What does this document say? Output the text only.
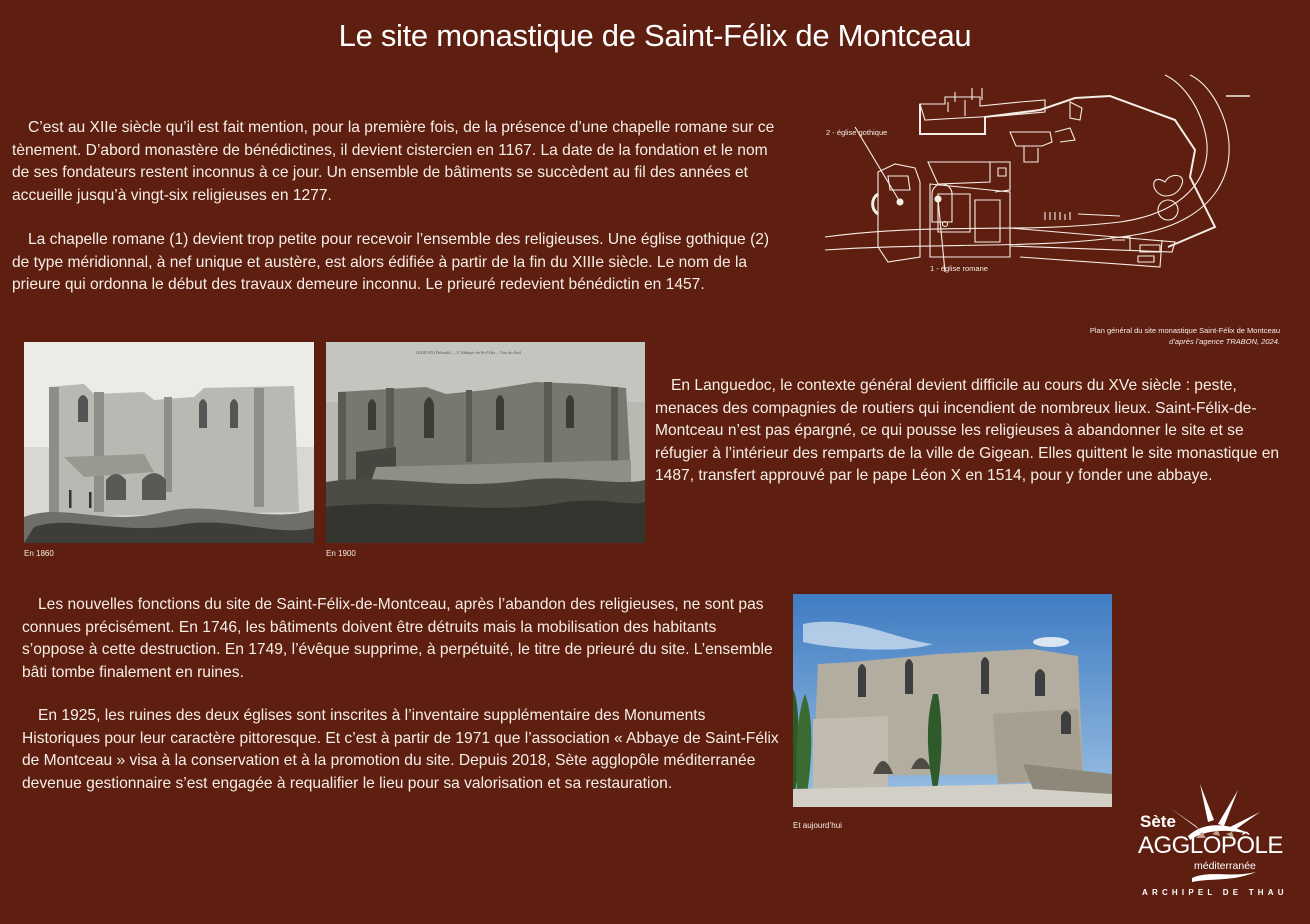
Le site monastique de Saint-Félix de Montceau

C’est au XIIe siècle qu’il est fait mention, pour la première fois, de la présence d’une chapelle romane sur ce tènement. D’abord monastère de bénédictines, il devient cistercien en 1167. La date de la fondation et le nom de ses fondateurs restent inconnus à ce jour. Un ensemble de bâtiments se succèdent au fil des années et accueille jusqu’à vingt-six religieuses en 1277.

La chapelle romane (1) devient trop petite pour recevoir l’ensemble des religieuses. Une église gothique (2) de type méridionnal, à nef unique et austère, est alors édifiée à partir de la fin du XIIIe siècle. Le nom de la prieure qui ordonna le début des travaux demeure inconnu. Le prieuré redevient bénédictin en 1457.

2 - église gothique
1 - église romane
Plan général du site monastique Saint-Félix de Montceau
d’après l’agence TRABON, 2024.
En 1860
GIGEAN (Hérault). – L’Abbaye de St-Félix – Vue du Sud
En 1900

En Languedoc, le contexte général devient difficile au cours du XVe siècle : peste, menaces des compagnies de routiers qui incendient de nombreux lieux. Saint-Félix-de-Montceau n’est pas épargné, ce qui pousse les religieuses à abandonner le site et se réfugier à l’intérieur des remparts de la ville de Gigean. Elles quittent le site monastique en 1487, transfert approuvé par le pape Léon X en 1514, pour y fonder une abbaye.

Les nouvelles fonctions du site de Saint-Félix-de-Montceau, après l’abandon des religieuses, ne sont pas connues précisément. En 1746, les bâtiments doivent être détruits mais la mobilisation des habitants s’oppose à cette destruction. En 1749, l’évêque supprime, à perpétuité, le titre de prieuré du site. L’ensemble bâti tombe finalement en ruines.

En 1925, les ruines des deux églises sont inscrites à l’inventaire supplémentaire des Monuments Historiques pour leur caractère pittoresque. Et c’est à partir de 1971 que l’association « Abbaye de Saint-Félix de Montceau » visa à la conservation et à la promotion du site. Depuis 2018, Sète agglopôle méditerranée devenue gestionnaire s’est engagée à requalifier le lieu pour sa valorisation et sa restauration.

Et aujourd’hui	Sète
AGGLOPÔLE
méditerranée
ARCHIPEL DE THAU
